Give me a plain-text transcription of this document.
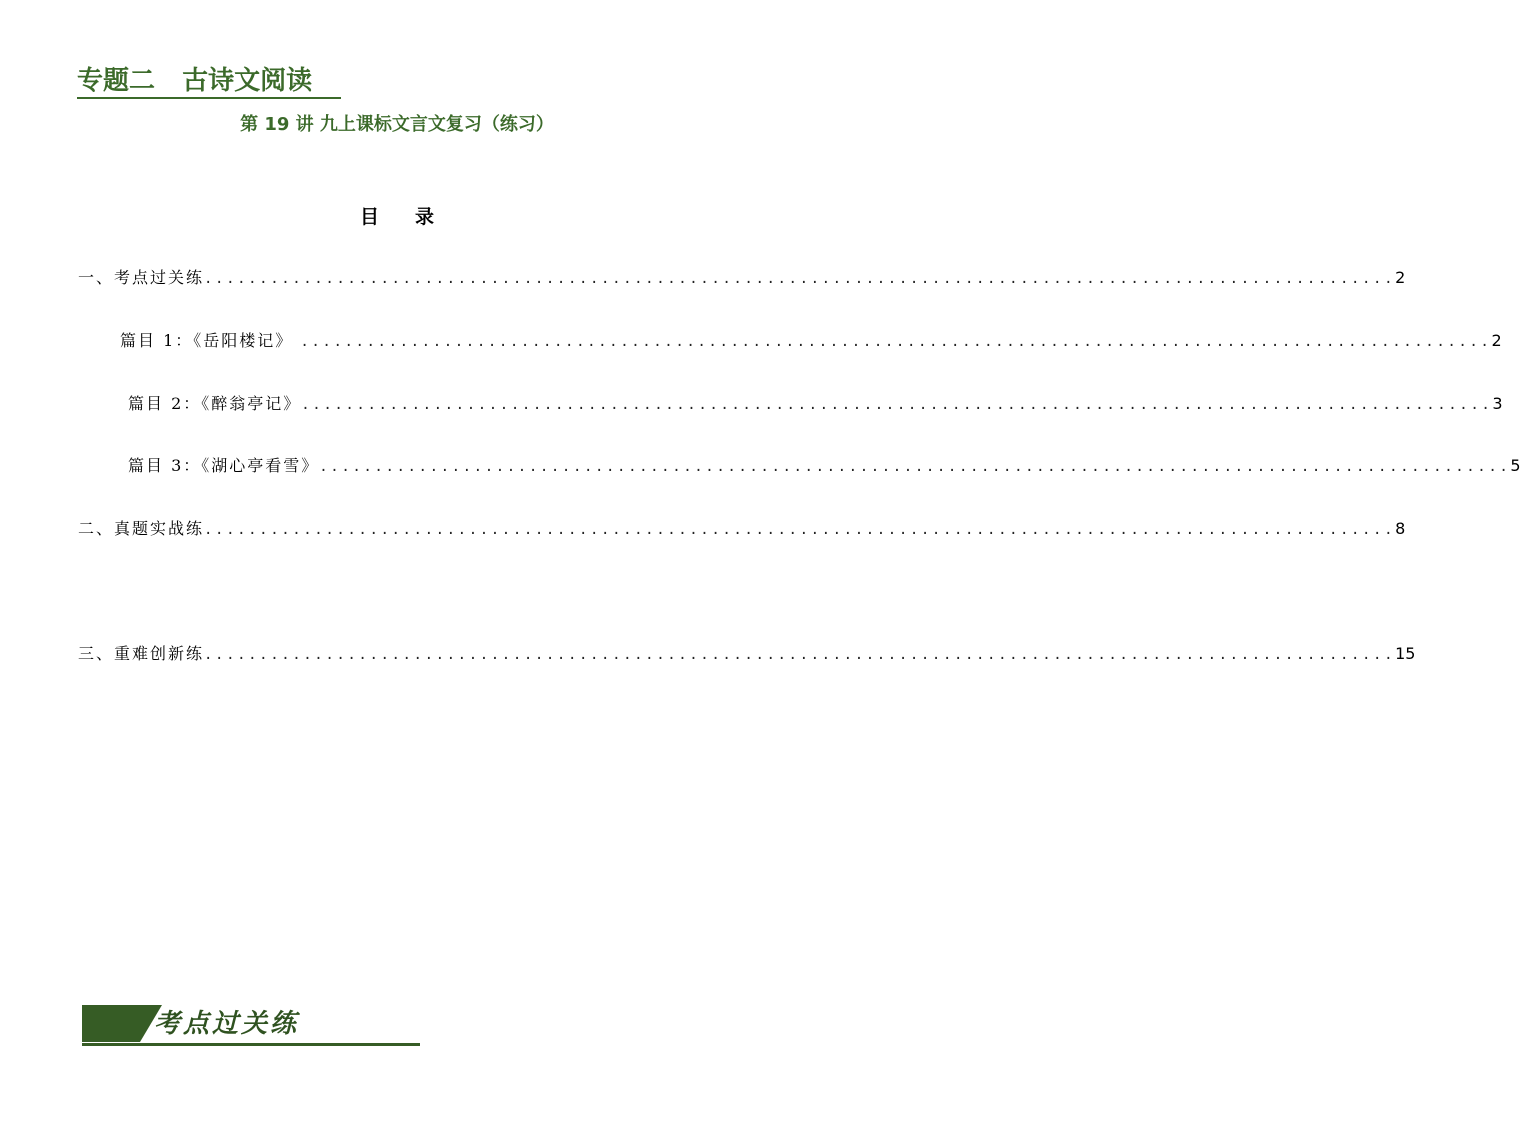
专题二   古诗文阅读
第 19 讲 九上课标文言文复习（练习）
目录
一、考点过关练 ............................................................................................................ 2
篇目 1：《岳阳楼记》 ............................................................................................................ 2
篇目 2：《醉翁亭记》 ............................................................................................................ 3
篇目 3：《湖心亭看雪》 ............................................................................................................ 5
二、真题实战练 ............................................................................................................ 8
三、重难创新练 ............................................................................................................ 15
考点过关练
